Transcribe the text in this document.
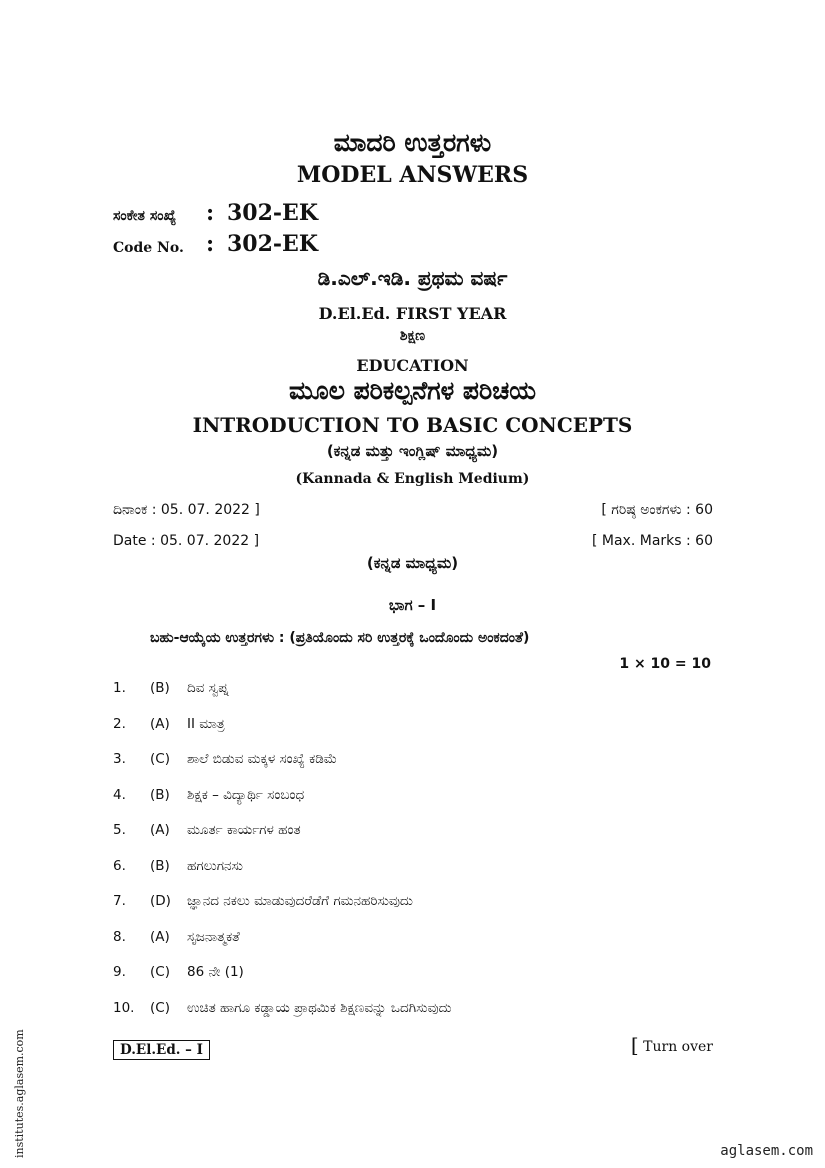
ಮಾದರಿ ಉತ್ತರಗಳು
MODEL ANSWERS
ಸಂಕೇತ ಸಂಖ್ಯೆ : 302-EK
Code No. : 302-EK
ಡಿ.ಎಲ್.ಇಡಿ. ಪ್ರಥಮ ವರ್ಷ
D.El.Ed. FIRST YEAR
ಶಿಕ್ಷಣ
EDUCATION
ಮೂಲ ಪರಿಕಲ್ಪನೆಗಳ ಪರಿಚಯ
INTRODUCTION TO BASIC CONCEPTS
(ಕನ್ನಡ ಮತ್ತು ಇಂಗ್ಲಿಷ್ ಮಾಧ್ಯಮ)
(Kannada & English Medium)
ದಿನಾಂಕ : 05. 07. 2022 ]	[ ಗರಿಷ್ಠ ಅಂಕಗಳು : 60
Date : 05. 07. 2022 ]	[ Max. Marks : 60
(ಕನ್ನಡ ಮಾಧ್ಯಮ)
ಭಾಗ – I
ಬಹು-ಆಯ್ಕೆಯ ಉತ್ತರಗಳು : (ಪ್ರತಿಯೊಂದು ಸರಿ ಉತ್ತರಕ್ಕೆ ಒಂದೊಂದು ಅಂಕದಂತೆ)
1 × 10 = 10
1. (B) ದಿವ ಸ್ವಪ್ನ
2. (A) II ಮಾತ್ರ
3. (C) ಶಾಲೆ ಬಿಡುವ ಮಕ್ಕಳ ಸಂಖ್ಯೆ ಕಡಿಮೆ
4. (B) ಶಿಕ್ಷಕ – ವಿದ್ಯಾರ್ಥಿ ಸಂಬಂಧ
5. (A) ಮೂರ್ತ ಕಾರ್ಯಗಳ ಹಂತ
6. (B) ಹಗಲುಗನಸು
7. (D) ಜ್ಞಾನದ ನಕಲು ಮಾಡುವುದರೆಡೆಗೆ ಗಮನಹರಿಸುವುದು
8. (A) ಸೃಜನಾತ್ಮಕತೆ
9. (C) 86 ನೇ (1)
10. (C) ಉಚಿತ ಹಾಗೂ ಕಡ್ಡಾಯ ಪ್ರಾಥಮಿಕ ಶಿಕ್ಷಣವನ್ನು ಒದಗಿಸುವುದು
D.El.Ed. – I	[ Turn over
institutes.aglasem.com	aglasem.com
